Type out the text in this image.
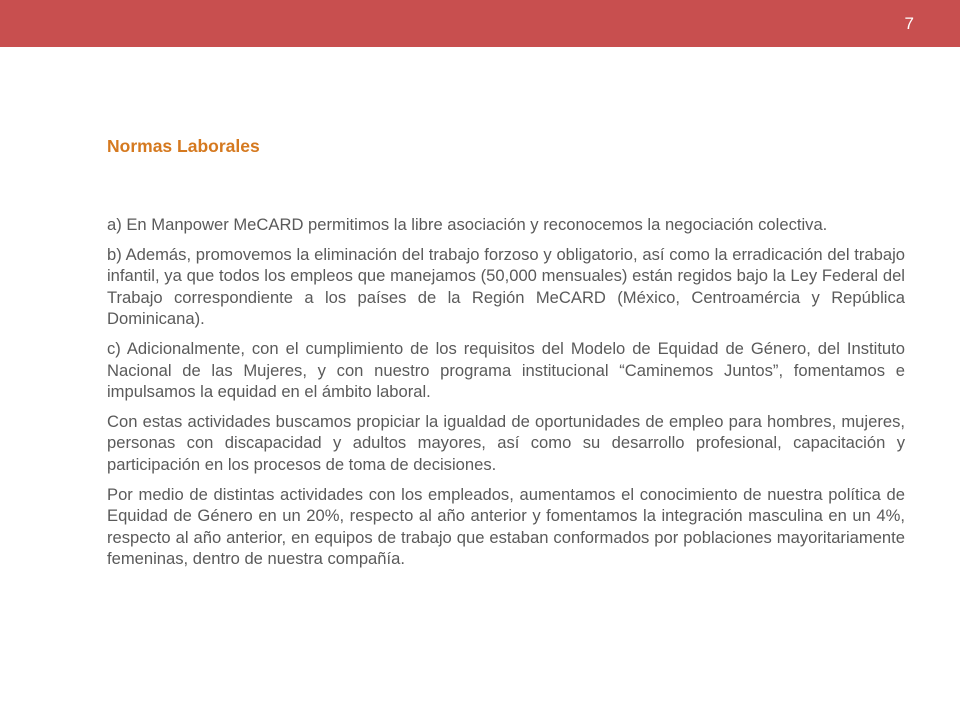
7
Normas Laborales

a) En Manpower MeCARD permitimos la libre asociación y reconocemos la negociación colectiva.

b) Además, promovemos la eliminación del trabajo forzoso y obligatorio, así como la erradicación del trabajo infantil, ya que todos los empleos que manejamos (50,000 mensuales) están regidos bajo la Ley Federal del Trabajo correspondiente a los países de la Región MeCARD (México, Centroamércia y República Dominicana).

c) Adicionalmente, con el cumplimiento de los requisitos del Modelo de Equidad de Género, del Instituto Nacional de las Mujeres, y con nuestro programa institucional “Caminemos Juntos”, fomentamos e impulsamos la equidad en el ámbito laboral.

Con estas actividades buscamos propiciar la igualdad de oportunidades de empleo para hombres, mujeres, personas con discapacidad y adultos mayores, así como su desarrollo profesional, capacitación y participación en los procesos de toma de decisiones.

Por medio de distintas actividades con los empleados, aumentamos el conocimiento de nuestra política de Equidad de Género en un 20%, respecto al año anterior y fomentamos la integración masculina en un 4%, respecto al año anterior, en equipos de trabajo que estaban conformados por poblaciones mayoritariamente femeninas, dentro de nuestra compañía.
